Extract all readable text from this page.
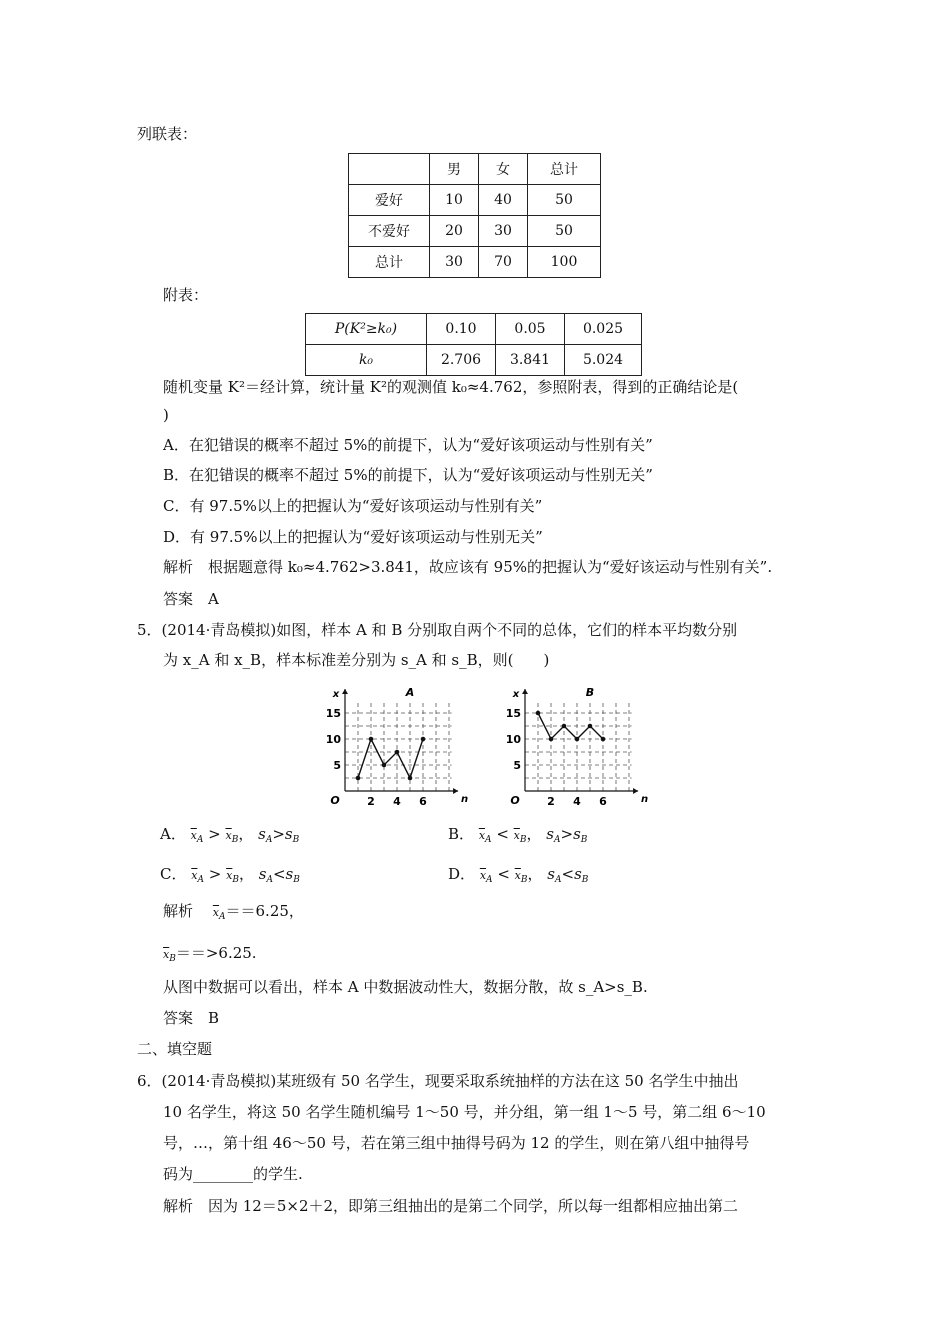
列联表：
	男	女	总计
爱好	10	40	50
不爱好	20	30	50
总计	30	70	100
附表：
P(K²≥k₀)	0.10	0.05	0.025
k₀	2.706	3.841	5.024
随机变量 K²＝经计算，统计量 K²的观测值 k₀≈4.762，参照附表，得到的正确结论是(
)
A．在犯错误的概率不超过 5%的前提下，认为“爱好该项运动与性别有关”
B．在犯错误的概率不超过 5%的前提下，认为“爱好该项运动与性别无关”
C．有 97.5%以上的把握认为“爱好该项运动与性别有关”
D．有 97.5%以上的把握认为“爱好该项运动与性别无关”
解析　根据题意得 k₀≈4.762>3.841，故应该有 95%的把握认为“爱好该运动与性别有关”.
答案　A
5．(2014·青岛模拟)如图，样本 A 和 B 分别取自两个不同的总体，它们的样本平均数分别
为 x_A 和 x_B，样本标准差分别为 s_A 和 s_B，则(　　)
5
10
15
2 4 6
O	n
x	A
5
10
15
2 4 6
O	n
x	B
A． $\overline{x}_A > \overline{x}_B$， $s_A>s_B$	B． $\overline{x}_A < \overline{x}_B$， $s_A>s_B$
C． $\overline{x}_A > \overline{x}_B$， $s_A<s_B$	D． $\overline{x}_A < \overline{x}_B$， $s_A<s_B$
解析　 $\overline{x}_A==6.25$，
$\overline{x}_B==>6.25$.
从图中数据可以看出，样本 A 中数据波动性大，数据分散，故 s_A>s_B.
答案　B
二、填空题
6．(2014·青岛模拟)某班级有 50 名学生，现要采取系统抽样的方法在这 50 名学生中抽出
10 名学生，将这 50 名学生随机编号 1～50 号，并分组，第一组 1～5 号，第二组 6～10
号，…，第十组 46～50 号，若在第三组中抽得号码为 12 的学生，则在第八组中抽得号
码为________的学生.
解析　因为 12＝5×2＋2，即第三组抽出的是第二个同学，所以每一组都相应抽出第二
